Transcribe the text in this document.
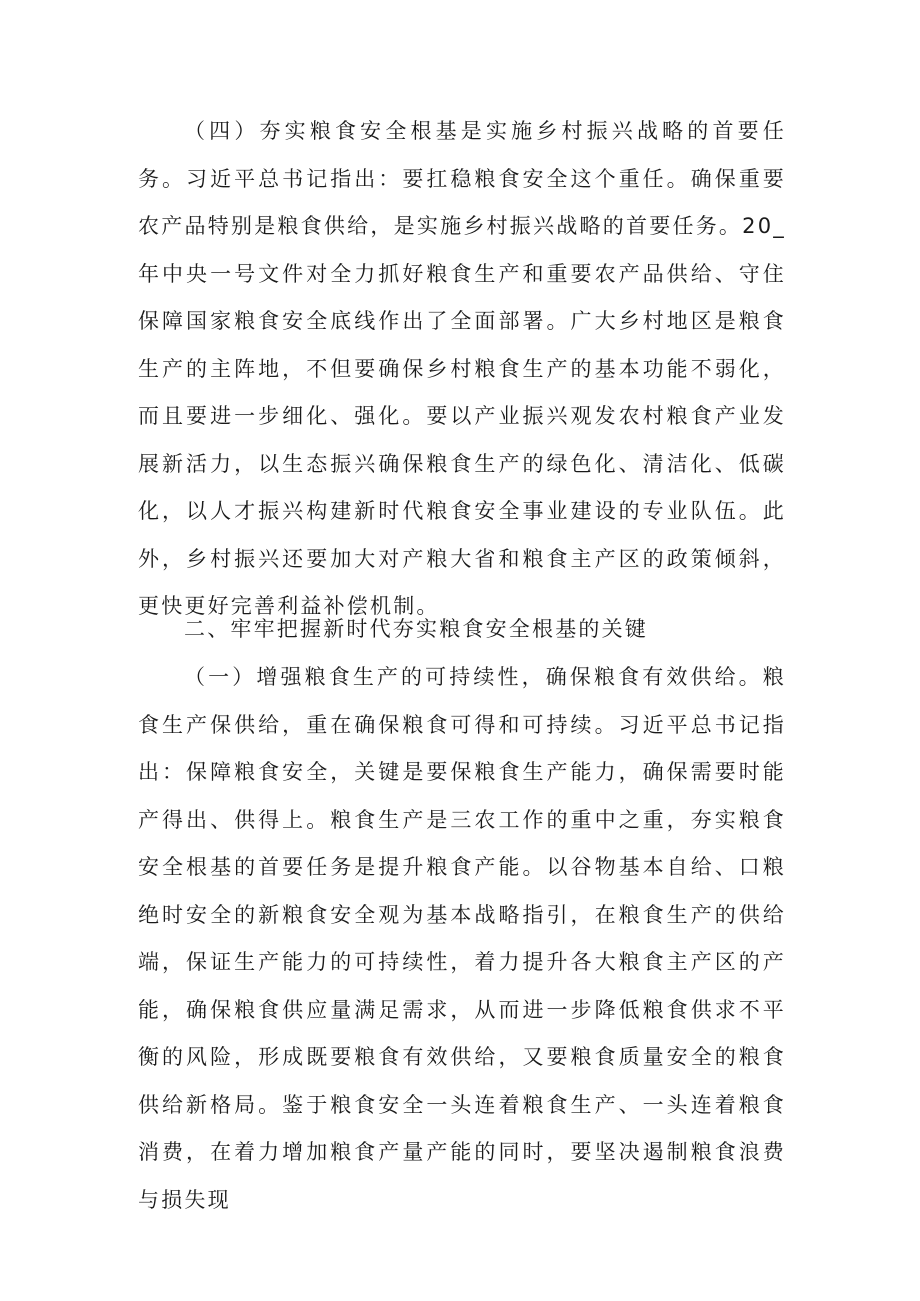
（四）夯实粮食安全根基是实施乡村振兴战略的首要任务。习近平总书记指出：要扛稳粮食安全这个重任。确保重要农产品特别是粮食供给，是实施乡村振兴战略的首要任务。20_年中央一号文件对全力抓好粮食生产和重要农产品供给、守住保障国家粮食安全底线作出了全面部署。广大乡村地区是粮食生产的主阵地，不但要确保乡村粮食生产的基本功能不弱化，而且要进一步细化、强化。要以产业振兴观发农村粮食产业发展新活力，以生态振兴确保粮食生产的绿色化、清洁化、低碳化，以人才振兴构建新时代粮食安全事业建设的专业队伍。此外，乡村振兴还要加大对产粮大省和粮食主产区的政策倾斜，更快更好完善利益补偿机制。

二、牢牢把握新时代夯实粮食安全根基的关键

（一）增强粮食生产的可持续性，确保粮食有效供给。粮食生产保供给，重在确保粮食可得和可持续。习近平总书记指出：保障粮食安全，关键是要保粮食生产能力，确保需要时能产得出、供得上。粮食生产是三农工作的重中之重，夯实粮食安全根基的首要任务是提升粮食产能。以谷物基本自给、口粮绝时安全的新粮食安全观为基本战略指引，在粮食生产的供给端，保证生产能力的可持续性，着力提升各大粮食主产区的产能，确保粮食供应量满足需求，从而进一步降低粮食供求不平衡的风险，形成既要粮食有效供给，又要粮食质量安全的粮食供给新格局。鉴于粮食安全一头连着粮食生产、一头连着粮食消费，在着力增加粮食产量产能的同时，要坚决遏制粮食浪费与损失现
